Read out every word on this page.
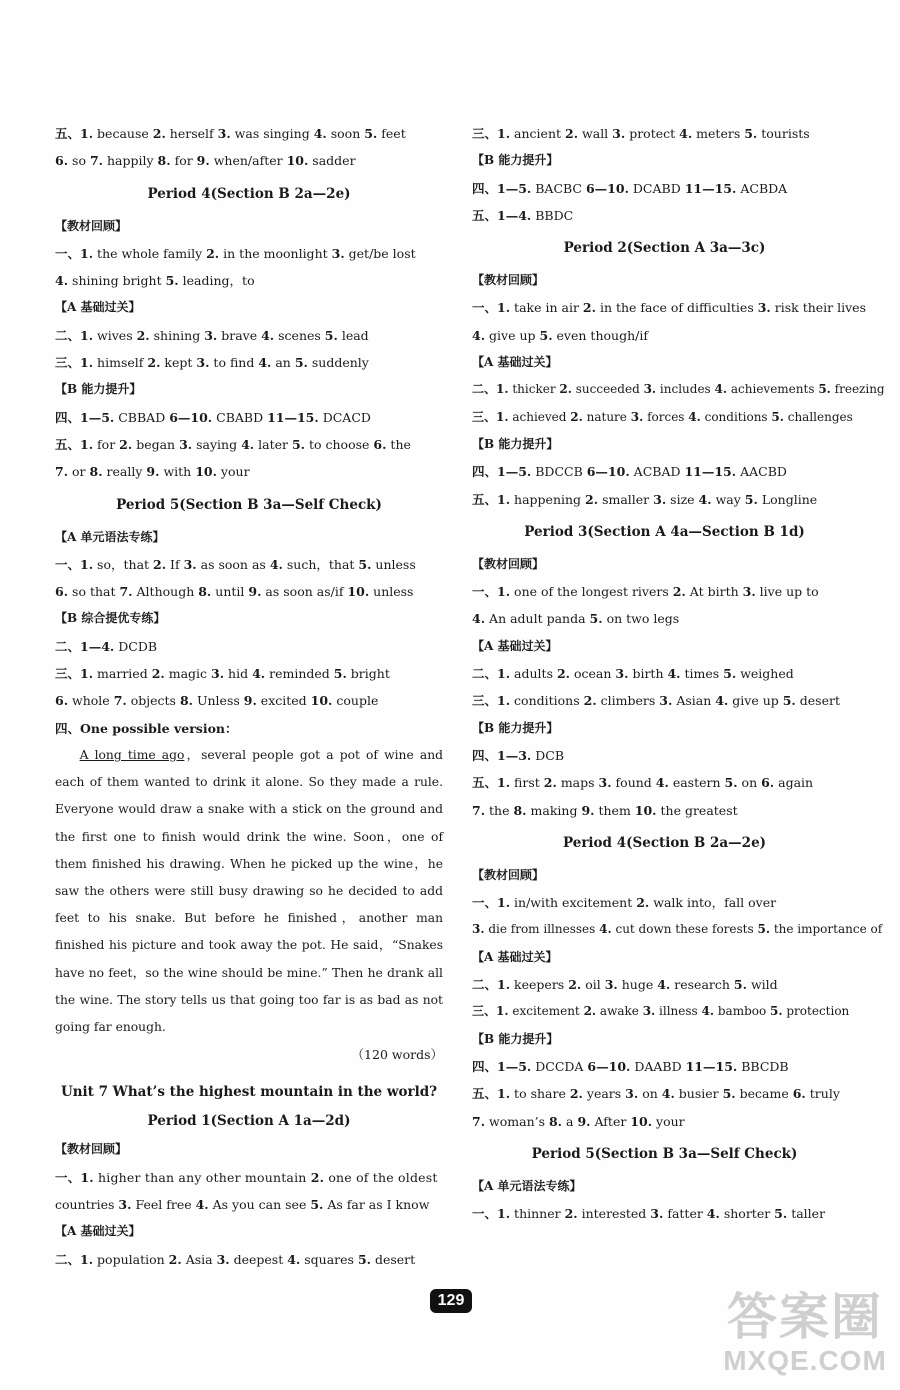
五、1. because 2. herself 3. was singing 4. soon 5. feet
6. so 7. happily 8. for 9. when/after 10. sadder
Period 4(Section B 2a—2e)
【教材回顾】
一、1. the whole family 2. in the moonlight 3. get/be lost
4. shining bright 5. leading，to
【A 基础过关】
二、1. wives 2. shining 3. brave 4. scenes 5. lead
三、1. himself 2. kept 3. to find 4. an 5. suddenly
【B 能力提升】
四、1—5. CBBAD 6—10. CBABD 11—15. DCACD
五、1. for 2. began 3. saying 4. later 5. to choose 6. the
7. or 8. really 9. with 10. your
Period 5(Section B 3a—Self Check)
【A 单元语法专练】
一、1. so，that 2. If 3. as soon as 4. such，that 5. unless
6. so that 7. Although 8. until 9. as soon as/if 10. unless
【B 综合提优专练】
二、1—4. DCDB
三、1. married 2. magic 3. hid 4. reminded 5. bright
6. whole 7. objects 8. Unless 9. excited 10. couple
四、One possible version：
A long time ago，several people got a pot of wine and each of them wanted to drink it alone. So they made a rule. Everyone would draw a snake with a stick on the ground and the first one to finish would drink the wine. Soon，one of them finished his drawing. When he picked up the wine，he saw the others were still busy drawing so he decided to add feet to his snake. But before he finished，another man finished his picture and took away the pot. He said，“Snakes have no feet，so the wine should be mine.” Then he drank all the wine. The story tells us that going too far is as bad as not going far enough.
（120 words）
Unit 7 What’s the highest mountain in the world?
Period 1(Section A 1a—2d)
【教材回顾】
一、1. higher than any other mountain 2. one of the oldest
countries 3. Feel free 4. As you can see 5. As far as I know
【A 基础过关】
二、1. population 2. Asia 3. deepest 4. squares 5. desert
三、1. ancient 2. wall 3. protect 4. meters 5. tourists
【B 能力提升】
四、1—5. BACBC 6—10. DCABD 11—15. ACBDA
五、1—4. BBDC
Period 2(Section A 3a—3c)
【教材回顾】
一、1. take in air 2. in the face of difficulties 3. risk their lives
4. give up 5. even though/if
【A 基础过关】
二、1. thicker 2. succeeded 3. includes 4. achievements 5. freezing
三、1. achieved 2. nature 3. forces 4. conditions 5. challenges
【B 能力提升】
四、1—5. BDCCB 6—10. ACBAD 11—15. AACBD
五、1. happening 2. smaller 3. size 4. way 5. Longline
Period 3(Section A 4a—Section B 1d)
【教材回顾】
一、1. one of the longest rivers 2. At birth 3. live up to
4. An adult panda 5. on two legs
【A 基础过关】
二、1. adults 2. ocean 3. birth 4. times 5. weighed
三、1. conditions 2. climbers 3. Asian 4. give up 5. desert
【B 能力提升】
四、1—3. DCB
五、1. first 2. maps 3. found 4. eastern 5. on 6. again
7. the 8. making 9. them 10. the greatest
Period 4(Section B 2a—2e)
【教材回顾】
一、1. in/with excitement 2. walk into，fall over
3. die from illnesses 4. cut down these forests 5. the importance of
【A 基础过关】
二、1. keepers 2. oil 3. huge 4. research 5. wild
三、1. excitement 2. awake 3. illness 4. bamboo 5. protection
【B 能力提升】
四、1—5. DCCDA 6—10. DAABD 11—15. BBCDB
五、1. to share 2. years 3. on 4. busier 5. became 6. truly
7. woman’s 8. a 9. After 10. your
Period 5(Section B 3a—Self Check)
【A 单元语法专练】
一、1. thinner 2. interested 3. fatter 4. shorter 5. taller
129	答案圈
MXQE.COM
